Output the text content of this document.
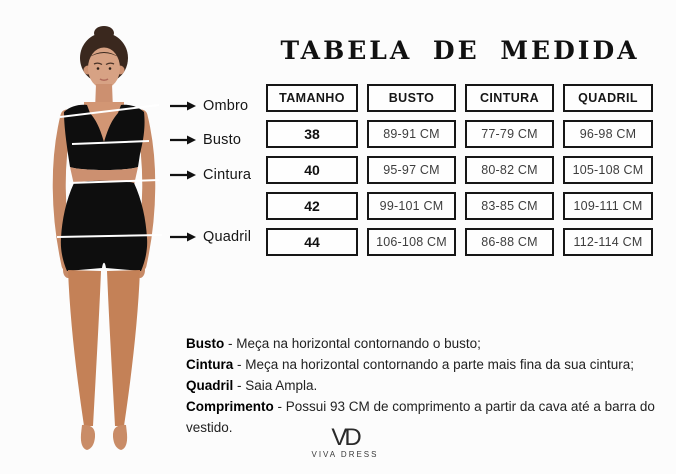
Ombro
Busto
Cintura
Quadril
TABELA DE MEDIDA
TAMANHO	BUSTO	CINTURA	QUADRIL
38	89-91 CM	77-79 CM	96-98 CM
40	95-97 CM	80-82 CM	105-108 CM
42	99-101 CM	83-85 CM	109-111 CM
44	106-108 CM	86-88 CM	112-114 CM
Busto - Meça na horizontal contornando o busto;
Cintura - Meça na horizontal contornando a parte mais fina da sua cintura;
Quadril - Saia Ampla.
Comprimento - Possui 93 CM de comprimento a partir da cava até a barra do vestido.	VD
VIVA DRESS
